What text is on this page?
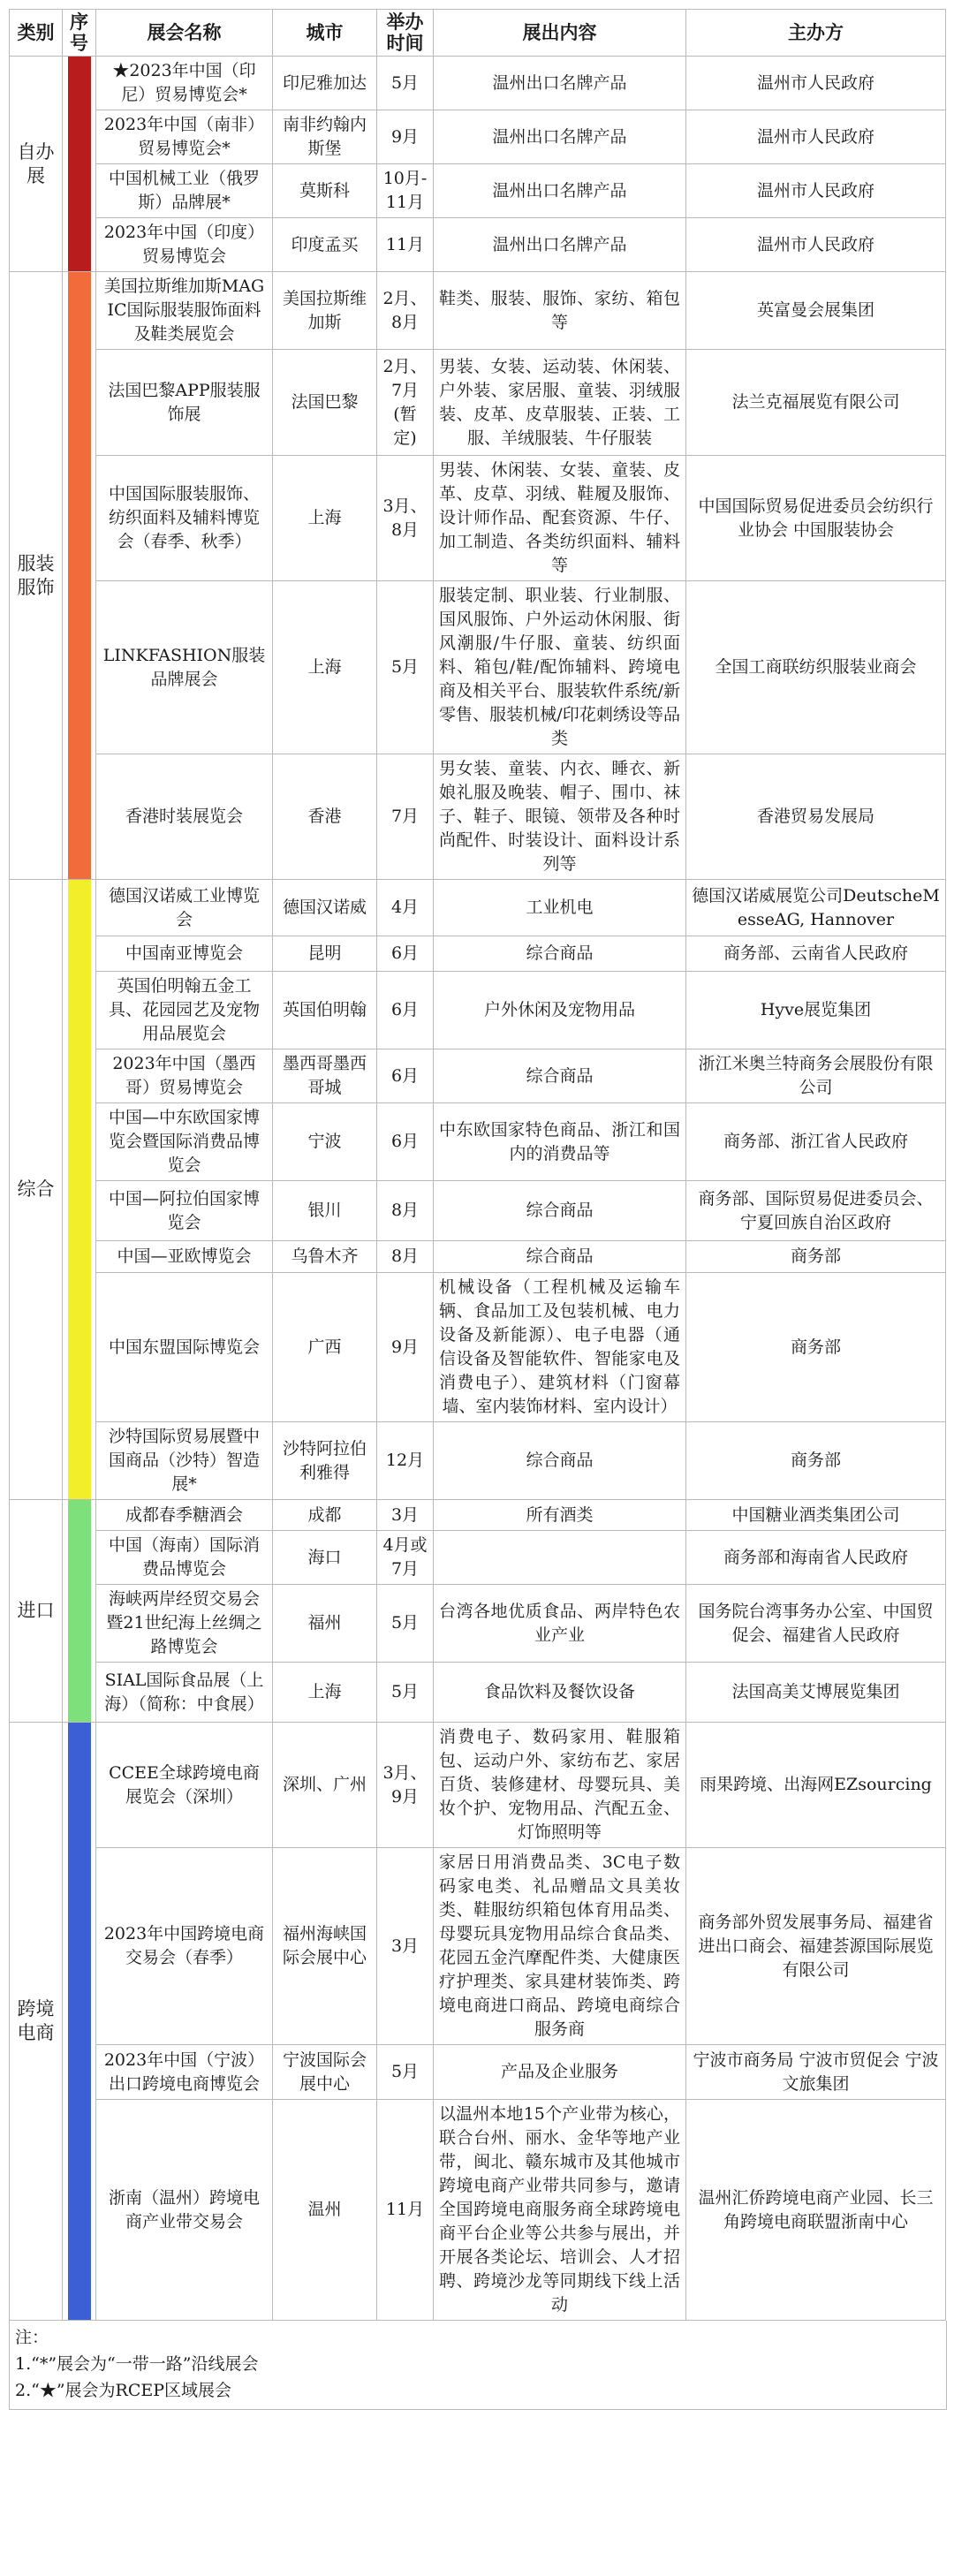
类别	序号	展会名称	城市	举办时间	展出内容	主办方
自办展		★2023年中国（印尼）贸易博览会*	印尼雅加达	5月	温州出口名牌产品	温州市人民政府
		2023年中国（南非）贸易博览会*	南非约翰内斯堡	9月	温州出口名牌产品	温州市人民政府
		中国机械工业（俄罗斯）品牌展*	莫斯科	10月-11月	温州出口名牌产品	温州市人民政府
		2023年中国（印度）贸易博览会	印度孟买	11月	温州出口名牌产品	温州市人民政府
服装服饰		美国拉斯维加斯MAGIC国际服装服饰面料及鞋类展览会	美国拉斯维加斯	2月、8月	鞋类、服装、服饰、家纺、箱包等	英富曼会展集团
		法国巴黎APP服装服饰展	法国巴黎	2月、7月(暂定)	男装、女装、运动装、休闲装、户外装、家居服、童装、羽绒服装、皮革、皮草服装、正装、工服、羊绒服装、牛仔服装	法兰克福展览有限公司
		中国国际服装服饰、纺织面料及辅料博览会（春季、秋季）	上海	3月、8月	男装、休闲装、女装、童装、皮革、皮草、羽绒、鞋履及服饰、设计师作品、配套资源、牛仔、加工制造、各类纺织面料、辅料等	中国国际贸易促进委员会纺织行业协会 中国服装协会
		LINKFASHION服装品牌展会	上海	5月	服装定制、职业装、行业制服、国风服饰、户外运动休闲服、街风潮服/牛仔服、童装、纺织面料、箱包/鞋/配饰辅料、跨境电商及相关平台、服装软件系统/新零售、服装机械/印花刺绣设等品类	全国工商联纺织服装业商会
		香港时装展览会	香港	7月	男女装、童装、内衣、睡衣、新娘礼服及晚装、帽子、围巾、袜子、鞋子、眼镜、领带及各种时尚配件、时装设计、面料设计系列等	香港贸易发展局
综合		德国汉诺威工业博览会	德国汉诺威	4月	工业机电	德国汉诺威展览公司DeutscheMesseAG, Hannover
		中国南亚博览会	昆明	6月	综合商品	商务部、云南省人民政府
		英国伯明翰五金工具、花园园艺及宠物用品展览会	英国伯明翰	6月	户外休闲及宠物用品	Hyve展览集团
		2023年中国（墨西哥）贸易博览会	墨西哥墨西哥城	6月	综合商品	浙江米奥兰特商务会展股份有限公司
		中国—中东欧国家博览会暨国际消费品博览会	宁波	6月	中东欧国家特色商品、浙江和国内的消费品等	商务部、浙江省人民政府
		中国—阿拉伯国家博览会	银川	8月	综合商品	商务部、国际贸易促进委员会、宁夏回族自治区政府
		中国—亚欧博览会	乌鲁木齐	8月	综合商品	商务部
		中国东盟国际博览会	广西	9月	机械设备（工程机械及运输车辆、食品加工及包装机械、电力设备及新能源）、电子电器（通信设备及智能软件、智能家电及消费电子）、建筑材料（门窗幕墙、室内装饰材料、室内设计）	商务部
		沙特国际贸易展暨中国商品（沙特）智造展*	沙特阿拉伯利雅得	12月	综合商品	商务部
进口		成都春季糖酒会	成都	3月	所有酒类	中国糖业酒类集团公司
		中国（海南）国际消费品博览会	海口	4月或7月		商务部和海南省人民政府
		海峡两岸经贸交易会暨21世纪海上丝绸之路博览会	福州	5月	台湾各地优质食品、两岸特色农业产业	国务院台湾事务办公室、中国贸促会、福建省人民政府
		SIAL国际食品展（上海）（简称：中食展）	上海	5月	食品饮料及餐饮设备	法国高美艾博展览集团
跨境电商		CCEE全球跨境电商展览会（深圳）	深圳、广州	3月、9月	消费电子、数码家用、鞋服箱包、运动户外、家纺布艺、家居百货、装修建材、母婴玩具、美妆个护、宠物用品、汽配五金、灯饰照明等	雨果跨境、出海网EZsourcing
		2023年中国跨境电商交易会（春季）	福州海峡国际会展中心	3月	家居日用消费品类、3C电子数码家电类、礼品赠品文具美妆类、鞋服纺织箱包体育用品类、母婴玩具宠物用品综合食品类、花园五金汽摩配件类、大健康医疗护理类、家具建材装饰类、跨境电商进口商品、跨境电商综合服务商	商务部外贸发展事务局、福建省进出口商会、福建荟源国际展览有限公司
		2023年中国（宁波）出口跨境电商博览会	宁波国际会展中心	5月	产品及企业服务	宁波市商务局 宁波市贸促会 宁波文旅集团
		浙南（温州）跨境电商产业带交易会	温州	11月	以温州本地15个产业带为核心，联合台州、丽水、金华等地产业带，闽北、赣东城市及其他城市跨境电商产业带共同参与，邀请全国跨境电商服务商全球跨境电商平台企业等公共参与展出，并开展各类论坛、培训会、人才招聘、跨境沙龙等同期线下线上活动	温州汇侨跨境电商产业园、长三角跨境电商联盟浙南中心
注：
1.“*”展会为“一带一路”沿线展会
2.“★”展会为RCEP区域展会
